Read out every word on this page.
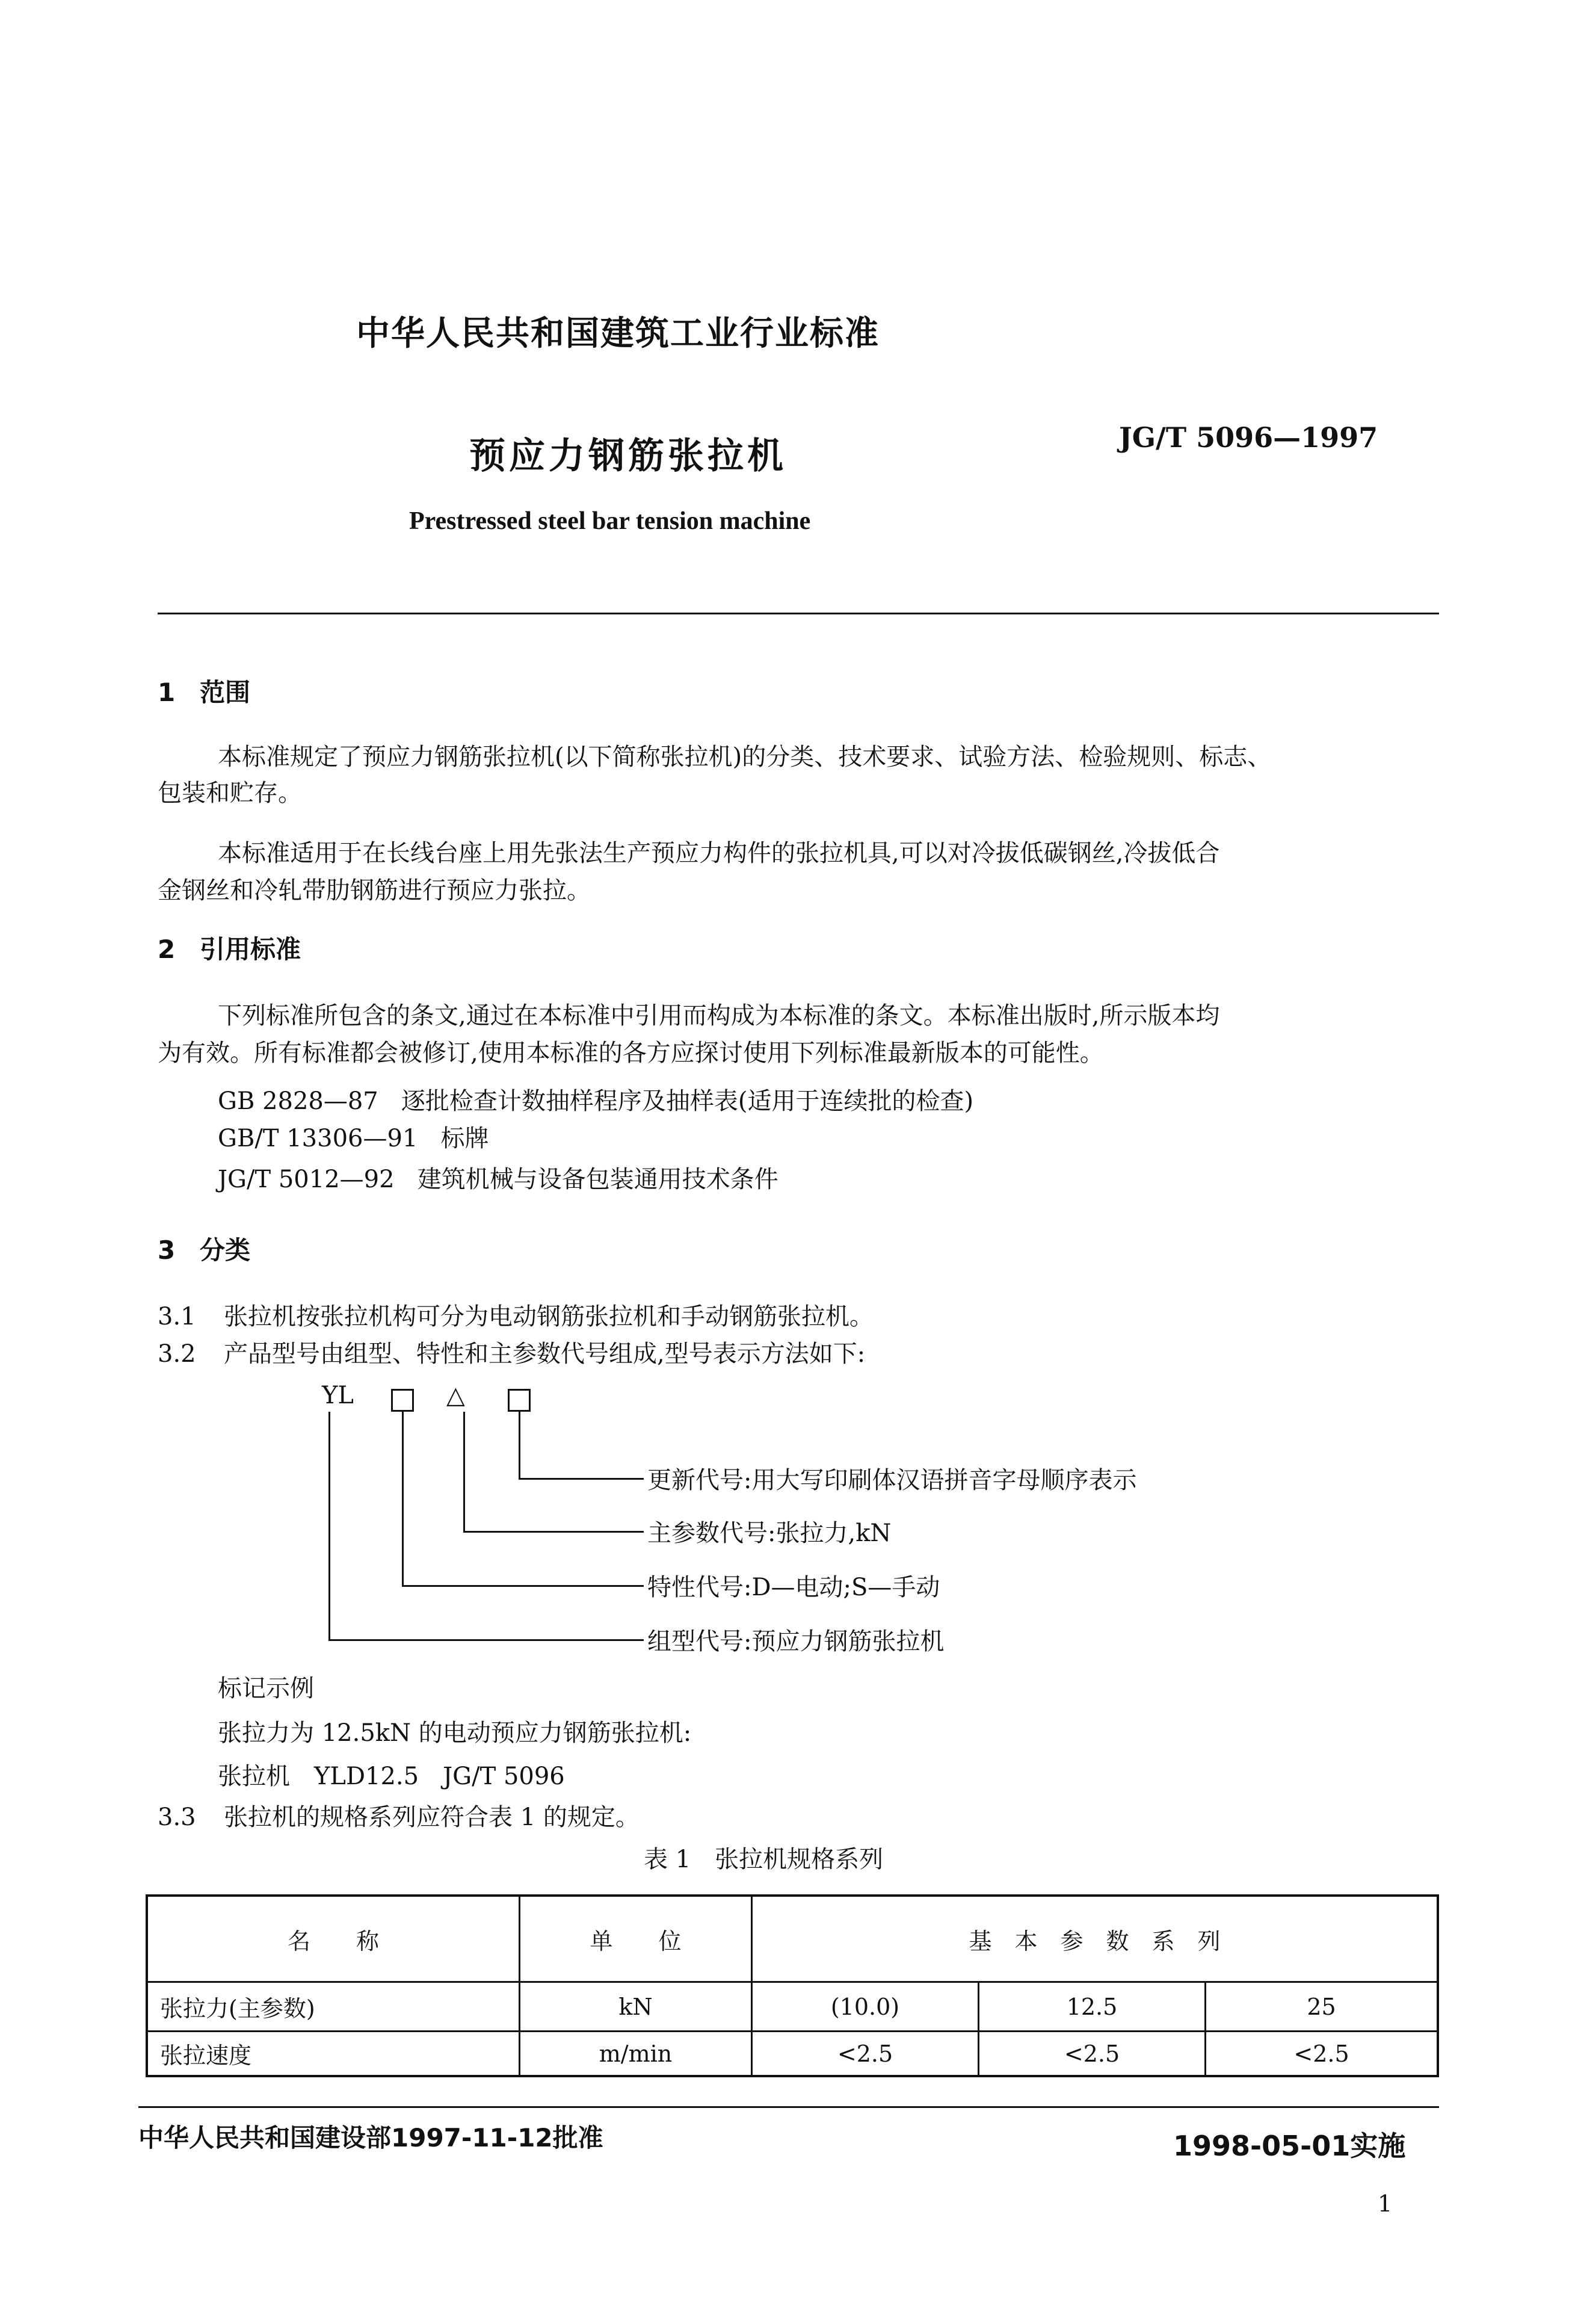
中华人民共和国建筑工业行业标准
预应力钢筋张拉机	JG/T 5096—1997
Prestressed steel bar tension machine
1 范围
本标准规定了预应力钢筋张拉机(以下简称张拉机)的分类、技术要求、试验方法、检验规则、标志、
包装和贮存。
本标准适用于在长线台座上用先张法生产预应力构件的张拉机具,可以对冷拔低碳钢丝,冷拔低合
金钢丝和冷轧带肋钢筋进行预应力张拉。
2 引用标准
下列标准所包含的条文,通过在本标准中引用而构成为本标准的条文。本标准出版时,所示版本均
为有效。所有标准都会被修订,使用本标准的各方应探讨使用下列标准最新版本的可能性。
GB 2828—87 逐批检查计数抽样程序及抽样表(适用于连续批的检查)
GB/T 13306—91 标牌
JG/T 5012—92 建筑机械与设备包装通用技术条件
3 分类
3.1 张拉机按张拉机构可分为电动钢筋张拉机和手动钢筋张拉机。
3.2 产品型号由组型、特性和主参数代号组成,型号表示方法如下:
YL	△
更新代号:用大写印刷体汉语拼音字母顺序表示
主参数代号:张拉力,kN
特性代号:D—电动;S—手动
组型代号:预应力钢筋张拉机
标记示例
张拉力为 12.5kN 的电动预应力钢筋张拉机:
张拉机　YLD12.5　JG/T 5096
3.3 张拉机的规格系列应符合表 1 的规定。
表 1　张拉机规格系列
名　　称	单　　位	基　本　参　数　系　列
张拉力(主参数)	kN	(10.0)	12.5	25
张拉速度	m/min	<2.5	<2.5	<2.5
中华人民共和国建设部1997-11-12批准	1998-05-01实施
1
